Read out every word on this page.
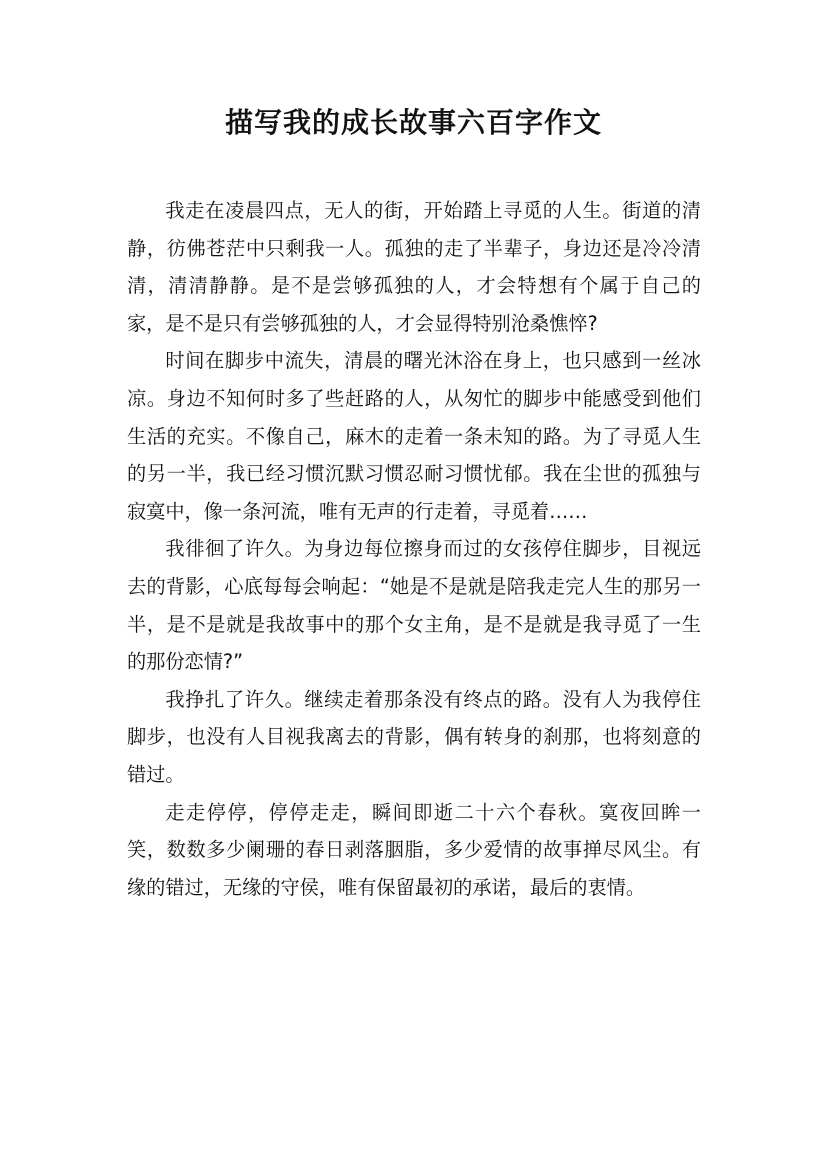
描写我的成长故事六百字作文

我走在凌晨四点，无人的街，开始踏上寻觅的人生。街道的清静，彷佛苍茫中只剩我一人。孤独的走了半辈子，身边还是冷冷清清，清清静静。是不是尝够孤独的人，才会特想有个属于自己的家，是不是只有尝够孤独的人，才会显得特别沧桑憔悴?

时间在脚步中流失，清晨的曙光沐浴在身上，也只感到一丝冰凉。身边不知何时多了些赶路的人，从匆忙的脚步中能感受到他们生活的充实。不像自己，麻木的走着一条未知的路。为了寻觅人生的另一半，我已经习惯沉默习惯忍耐习惯忧郁。我在尘世的孤独与寂寞中，像一条河流，唯有无声的行走着，寻觅着……

我徘徊了许久。为身边每位擦身而过的女孩停住脚步，目视远去的背影，心底每每会响起：“她是不是就是陪我走完人生的那另一半，是不是就是我故事中的那个女主角，是不是就是我寻觅了一生的那份恋情?”

我挣扎了许久。继续走着那条没有终点的路。没有人为我停住脚步，也没有人目视我离去的背影，偶有转身的刹那，也将刻意的错过。

走走停停，停停走走，瞬间即逝二十六个春秋。寞夜回眸一笑，数数多少阑珊的春日剥落胭脂，多少爱情的故事掸尽风尘。有缘的错过，无缘的守侯，唯有保留最初的承诺，最后的衷情。
